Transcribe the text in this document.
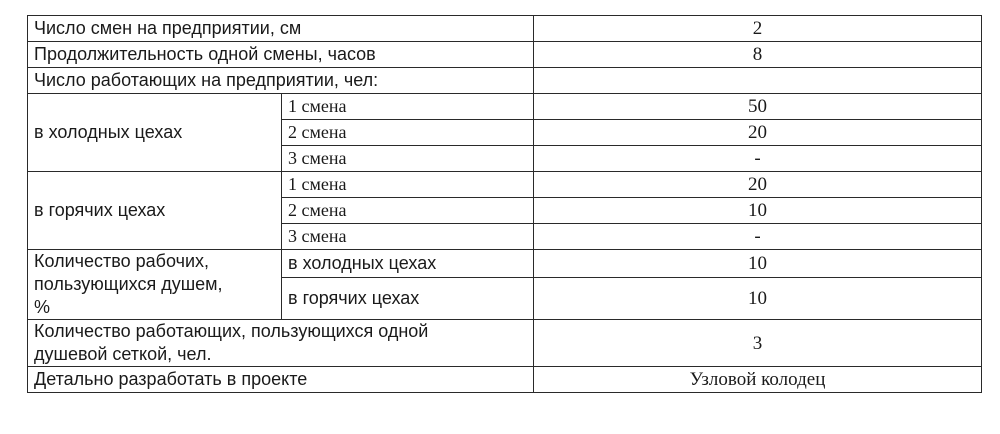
Число смен на предприятии, см		2
Продолжительность одной смены, часов		8
Число работающих на предприятии, чел:		
в холодных цехах	1 смена	50
	2 смена	20
	3 смена	-
в горячих цехах	1 смена	20
	2 смена	10
	3 смена	-

Количество рабочих,
пользующихся душем,
%	в холодных цехах	10
	в горячих цехах	10

Количество работающих, пользующихся одной
душевой сеткой, чел.		3
Детально разработать в проекте		Узловой колодец
